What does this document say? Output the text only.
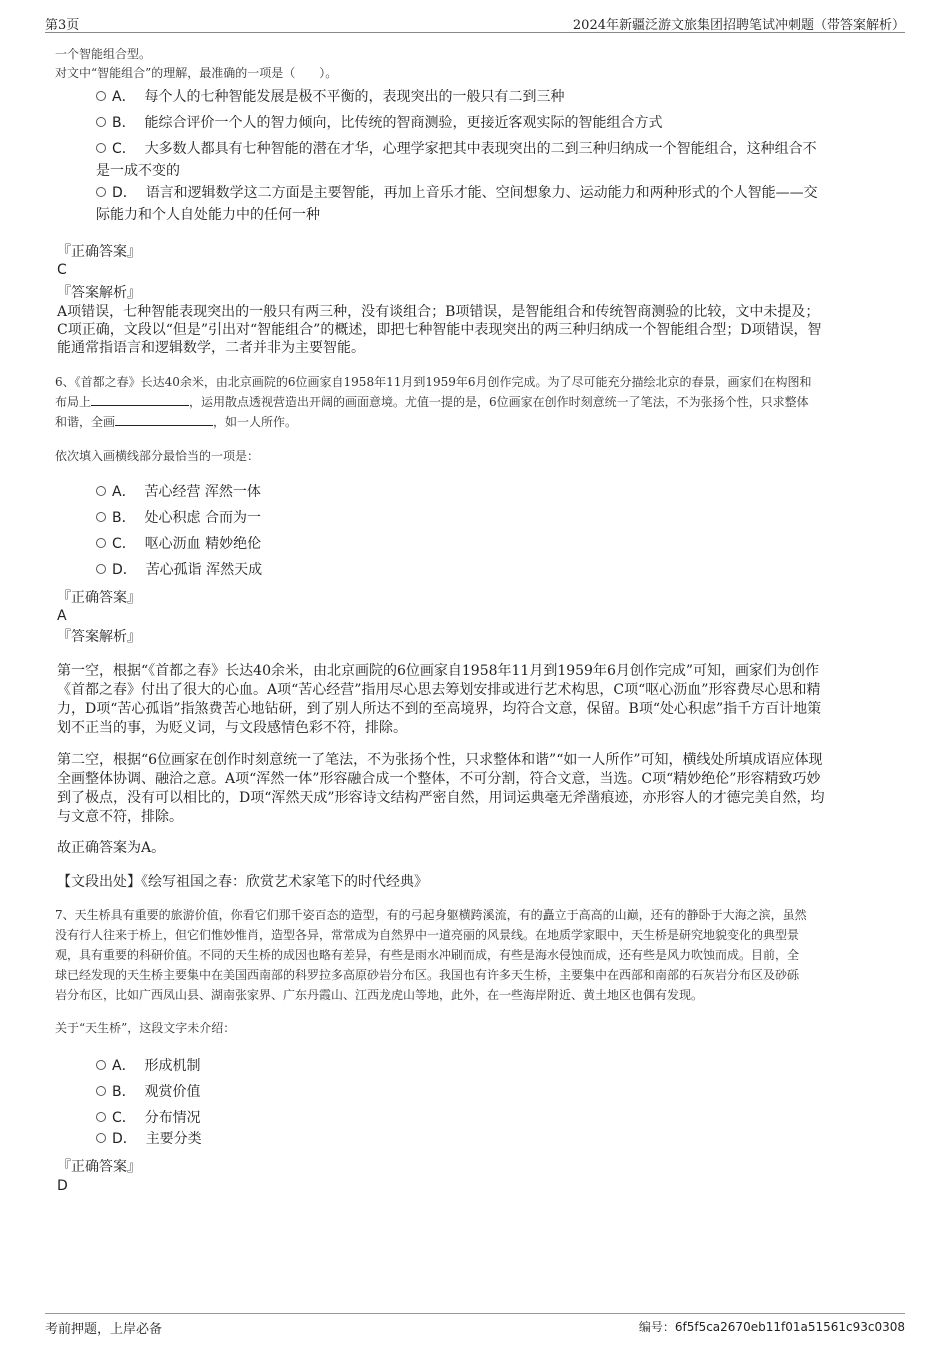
第3页	2024年新疆泛游文旅集团招聘笔试冲刺题（带答案解析）
一个智能组合型。
对文中“智能组合”的理解，最准确的一项是（　　）。
A． 每个人的七种智能发展是极不平衡的，表现突出的一般只有二到三种
B． 能综合评价一个人的智力倾向，比传统的智商测验，更接近客观实际的智能组合方式
C． 大多数人都具有七种智能的潜在才华，心理学家把其中表现突出的二到三种归纳成一个智能组合，这种组合不
是一成不变的
D． 语言和逻辑数学这二方面是主要智能，再加上音乐才能、空间想象力、运动能力和两种形式的个人智能——交
际能力和个人自处能力中的任何一种
『正确答案』
C
『答案解析』
A项错误，七种智能表现突出的一般只有两三种，没有谈组合；B项错误，是智能组合和传统智商测验的比较，文中未提及；
C项正确，文段以“但是”引出对“智能组合”的概述，即把七种智能中表现突出的两三种归纳成一个智能组合型；D项错误，智
能通常指语言和逻辑数学，二者并非为主要智能。
6、《首都之春》长达40余米，由北京画院的6位画家自1958年11月到1959年6月创作完成。为了尽可能充分描绘北京的春景，画家们在构图和
布局上	，运用散点透视营造出开阔的画面意境。尤值一提的是，6位画家在创作时刻意统一了笔法，不为张扬个性，只求整体
和谐，全画	，如一人所作。
依次填入画横线部分最恰当的一项是：
A． 苦心经营 浑然一体
B． 处心积虑 合而为一
C． 呕心沥血 精妙绝伦
D． 苦心孤诣 浑然天成
『正确答案』
A
『答案解析』
第一空，根据“《首都之春》长达40余米，由北京画院的6位画家自1958年11月到1959年6月创作完成”可知，画家们为创作
《首都之春》付出了很大的心血。A项“苦心经营”指用尽心思去筹划安排或进行艺术构思，C项“呕心沥血”形容费尽心思和精
力，D项“苦心孤诣”指煞费苦心地钻研，到了别人所达不到的至高境界，均符合文意，保留。B项“处心积虑”指千方百计地策
划不正当的事，为贬义词，与文段感情色彩不符，排除。
第二空，根据“6位画家在创作时刻意统一了笔法，不为张扬个性，只求整体和谐”“如一人所作”可知，横线处所填成语应体现
全画整体协调、融洽之意。A项“浑然一体”形容融合成一个整体，不可分割，符合文意，当选。C项“精妙绝伦”形容精致巧妙
到了极点，没有可以相比的，D项“浑然天成”形容诗文结构严密自然，用词运典毫无斧凿痕迹，亦形容人的才德完美自然，均
与文意不符，排除。
故正确答案为A。
【文段出处】《绘写祖国之春：欣赏艺术家笔下的时代经典》
7、天生桥具有重要的旅游价值，你看它们那千姿百态的造型，有的弓起身躯横跨溪流，有的矗立于高高的山巅，还有的静卧于大海之滨，虽然
没有行人往来于桥上，但它们惟妙惟肖，造型各异，常常成为自然界中一道亮丽的风景线。在地质学家眼中，天生桥是研究地貌变化的典型景
观，具有重要的科研价值。不同的天生桥的成因也略有差异，有些是雨水冲刷而成，有些是海水侵蚀而成，还有些是风力吹蚀而成。目前，全
球已经发现的天生桥主要集中在美国西南部的科罗拉多高原砂岩分布区。我国也有许多天生桥，主要集中在西部和南部的石灰岩分布区及砂砾
岩分布区，比如广西凤山县、湖南张家界、广东丹霞山、江西龙虎山等地，此外，在一些海岸附近、黄土地区也偶有发现。
关于“天生桥”，这段文字未介绍：
A． 形成机制
B． 观赏价值
C． 分布情况
D． 主要分类
『正确答案』
D
考前押题，上岸必备	编号：6f5f5ca2670eb11f01a51561c93c0308
